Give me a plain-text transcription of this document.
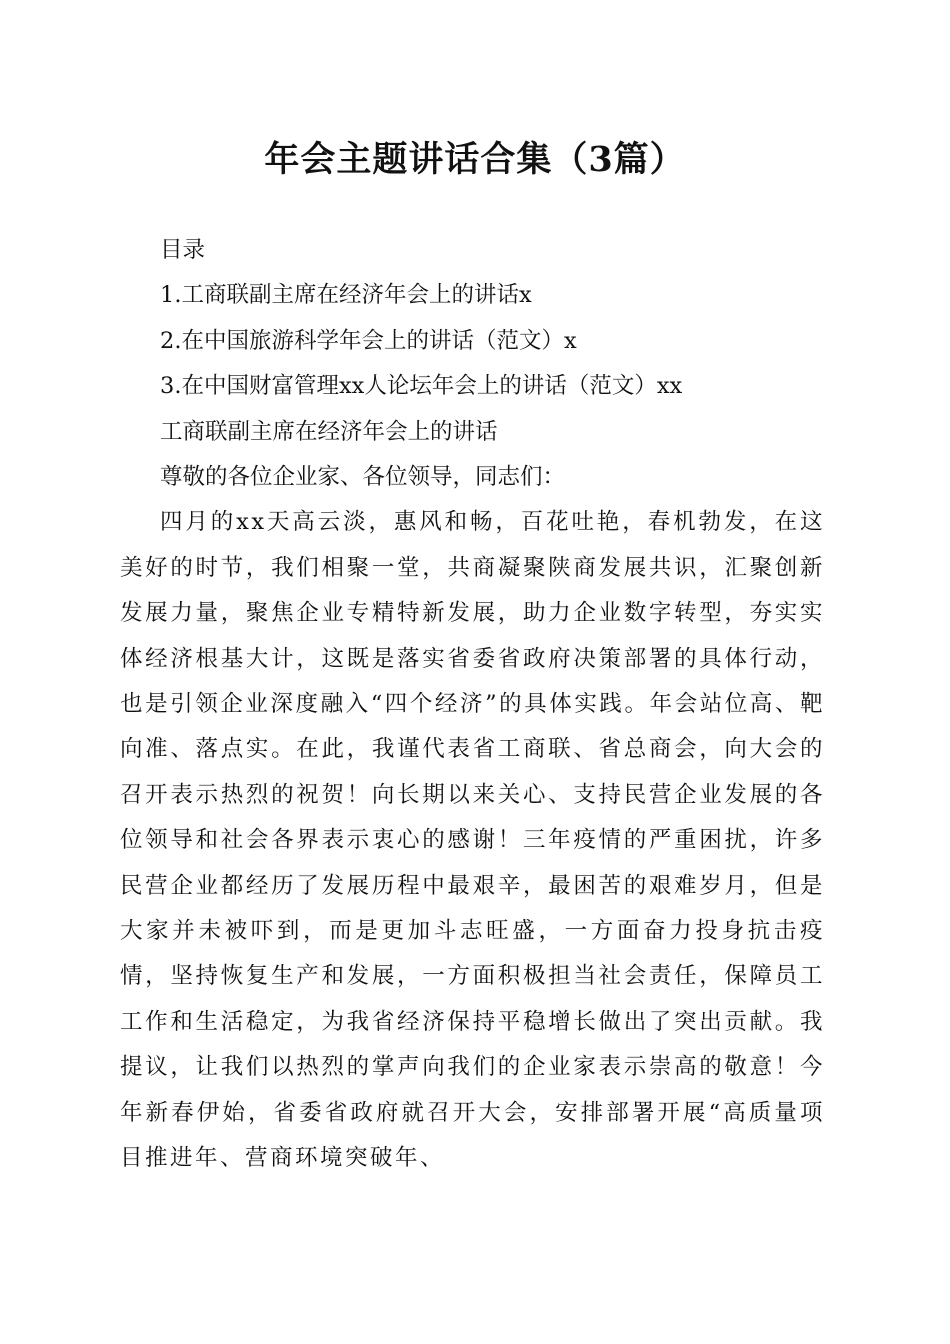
年会主题讲话合集（3篇）
目录
1.工商联副主席在经济年会上的讲话x
2.在中国旅游科学年会上的讲话（范文）x
3.在中国财富管理xx人论坛年会上的讲话（范文）xx
工商联副主席在经济年会上的讲话
尊敬的各位企业家、各位领导，同志们：
四月的xx天高云淡，惠风和畅，百花吐艳，春机勃发，在这美好的时节，我们相聚一堂，共商凝聚陕商发展共识，汇聚创新发展力量，聚焦企业专精特新发展，助力企业数字转型，夯实实体经济根基大计，这既是落实省委省政府决策部署的具体行动，也是引领企业深度融入“四个经济”的具体实践。年会站位高、靶向准、落点实。在此，我谨代表省工商联、省总商会，向大会的召开表示热烈的祝贺！向长期以来关心、支持民营企业发展的各位领导和社会各界表示衷心的感谢！三年疫情的严重困扰，许多民营企业都经历了发展历程中最艰辛，最困苦的艰难岁月，但是大家并未被吓到，而是更加斗志旺盛，一方面奋力投身抗击疫情，坚持恢复生产和发展，一方面积极担当社会责任，保障员工工作和生活稳定，为我省经济保持平稳增长做出了突出贡献。我提议，让我们以热烈的掌声向我们的企业家表示崇高的敬意！今年新春伊始，省委省政府就召开大会，安排部署开展“高质量项目推进年、营商环境突破年、
